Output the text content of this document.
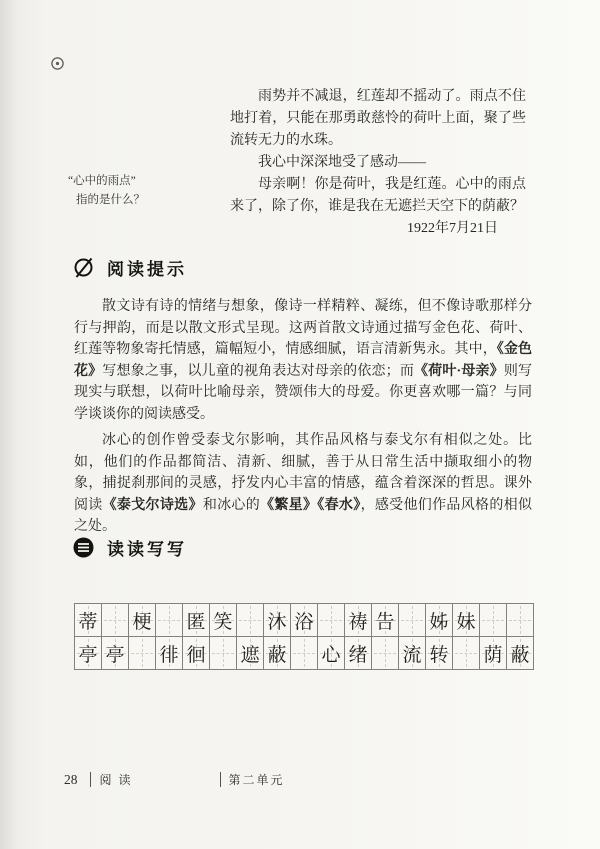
雨势并不减退，红莲却不摇动了。雨点不住地打着，只能在那勇敢慈怜的荷叶上面，聚了些流转无力的水珠。

我心中深深地受了感动——

母亲啊！你是荷叶，我是红莲。心中的雨点来了，除了你，谁是我在无遮拦天空下的荫蔽？

1922年7月21日

“心中的雨点”
指的是什么？
阅读提示

散文诗有诗的情绪与想象，像诗一样精粹、凝练，但不像诗歌那样分行与押韵，而是以散文形式呈现。这两首散文诗通过描写金色花、荷叶、红莲等物象寄托情感，篇幅短小，情感细腻，语言清新隽永。其中，《金色花》写想象之事，以儿童的视角表达对母亲的依恋；而《荷叶·母亲》则写现实与联想，以荷叶比喻母亲，赞颂伟大的母爱。你更喜欢哪一篇？与同学谈谈你的阅读感受。

冰心的创作曾受泰戈尔影响，其作品风格与泰戈尔有相似之处。比如，他们的作品都简洁、清新、细腻，善于从日常生活中撷取细小的物象，捕捉刹那间的灵感，抒发内心丰富的情感，蕴含着深深的哲思。课外阅读《泰戈尔诗选》和冰心的《繁星》《春水》，感受他们作品风格的相似之处。

读读写写
蒂 梗 匿 笑 沐 浴 祷 告 姊 妹
亭 亭 徘 徊 遮 蔽 心 绪 流 转 荫 蔽
28 阅读	第二单元
